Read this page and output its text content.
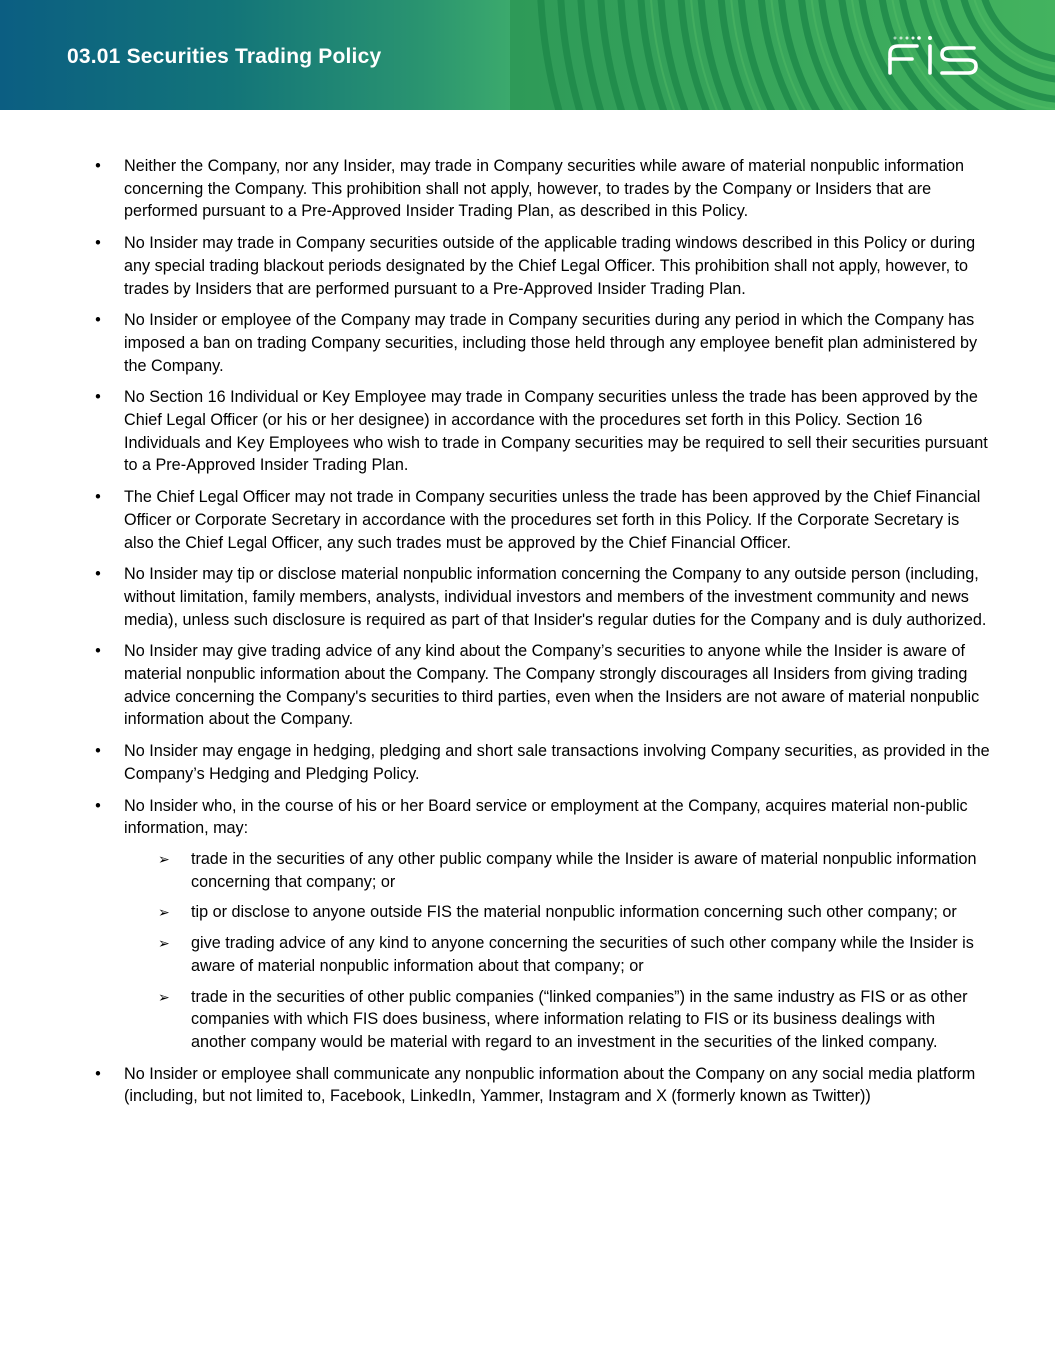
03.01 Securities Trading Policy
• Neither the Company, nor any Insider, may trade in Company securities while aware of material nonpublic information concerning the Company. This prohibition shall not apply, however, to trades by the Company or Insiders that are performed pursuant to a Pre-Approved Insider Trading Plan, as described in this Policy.
• No Insider may trade in Company securities outside of the applicable trading windows described in this Policy or during any special trading blackout periods designated by the Chief Legal Officer. This prohibition shall not apply, however, to trades by Insiders that are performed pursuant to a Pre-Approved Insider Trading Plan.
• No Insider or employee of the Company may trade in Company securities during any period in which the Company has imposed a ban on trading Company securities, including those held through any employee benefit plan administered by the Company.
• No Section 16 Individual or Key Employee may trade in Company securities unless the trade has been approved by the Chief Legal Officer (or his or her designee) in accordance with the procedures set forth in this Policy. Section 16 Individuals and Key Employees who wish to trade in Company securities may be required to sell their securities pursuant to a Pre-Approved Insider Trading Plan.
• The Chief Legal Officer may not trade in Company securities unless the trade has been approved by the Chief Financial Officer or Corporate Secretary in accordance with the procedures set forth in this Policy. If the Corporate Secretary is also the Chief Legal Officer, any such trades must be approved by the Chief Financial Officer.
• No Insider may tip or disclose material nonpublic information concerning the Company to any outside person (including, without limitation, family members, analysts, individual investors and members of the investment community and news media), unless such disclosure is required as part of that Insider's regular duties for the Company and is duly authorized.
• No Insider may give trading advice of any kind about the Company’s securities to anyone while the Insider is aware of material nonpublic information about the Company. The Company strongly discourages all Insiders from giving trading advice concerning the Company's securities to third parties, even when the Insiders are not aware of material nonpublic information about the Company.
• No Insider may engage in hedging, pledging and short sale transactions involving Company securities, as provided in the Company’s Hedging and Pledging Policy.
• No Insider who, in the course of his or her Board service or employment at the Company, acquires material non-public information, may:
➢ trade in the securities of any other public company while the Insider is aware of material nonpublic information concerning that company; or
➢ tip or disclose to anyone outside FIS the material nonpublic information concerning such other company; or
➢ give trading advice of any kind to anyone concerning the securities of such other company while the Insider is aware of material nonpublic information about that company; or
➢ trade in the securities of other public companies (“linked companies”) in the same industry as FIS or as other companies with which FIS does business, where information relating to FIS or its business dealings with another company would be material with regard to an investment in the securities of the linked company.
• No Insider or employee shall communicate any nonpublic information about the Company on any social media platform (including, but not limited to, Facebook, LinkedIn, Yammer, Instagram and X (formerly known as Twitter))
